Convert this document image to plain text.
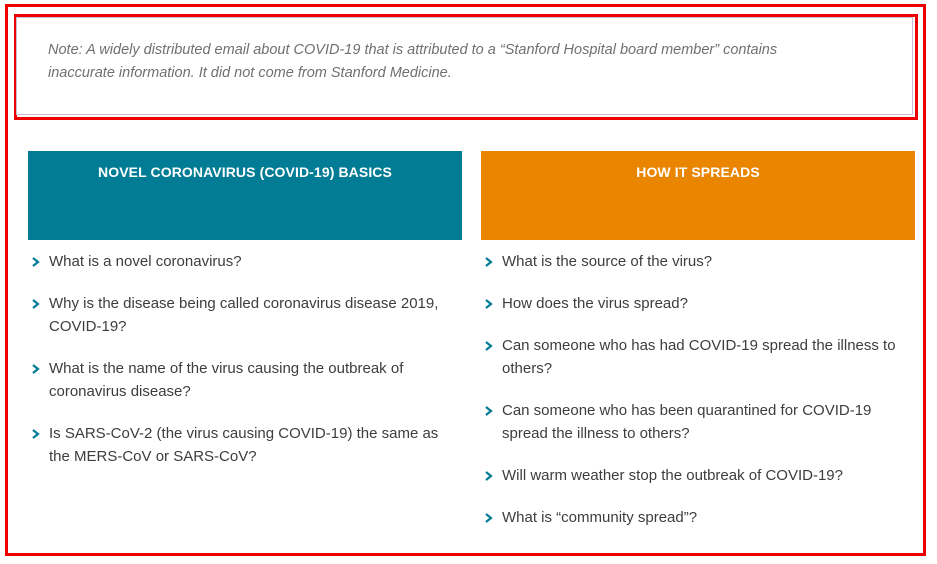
Note: A widely distributed email about COVID-19 that is attributed to a “Stanford Hospital board member” contains inaccurate information. It did not come from Stanford Medicine.
NOVEL CORONAVIRUS (COVID-19) BASICS
What is a novel coronavirus?
Why is the disease being called coronavirus disease 2019, COVID-19?
What is the name of the virus causing the outbreak of coronavirus disease?
Is SARS-CoV-2 (the virus causing COVID-19) the same as the MERS-CoV or SARS-CoV?
HOW IT SPREADS
What is the source of the virus?
How does the virus spread?
Can someone who has had COVID-19 spread the illness to others?
Can someone who has been quarantined for COVID-19 spread the illness to others?
Will warm weather stop the outbreak of COVID-19?
What is “community spread”?
